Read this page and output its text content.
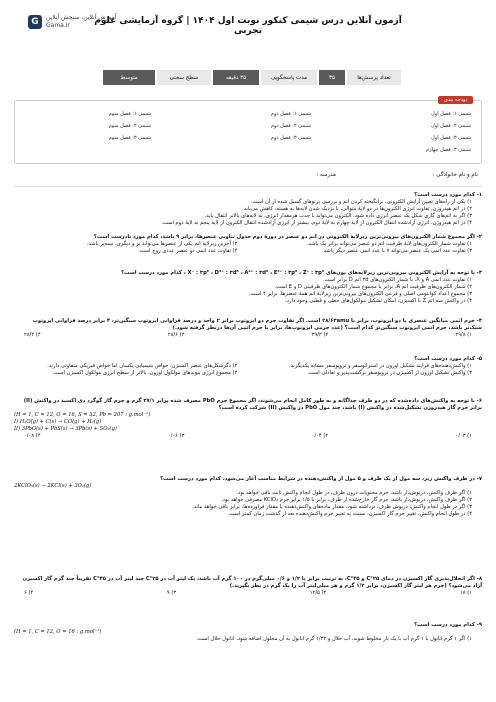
G	آموزش آنلاین، سنجش آنلاین
Gama.ir	آزمون آنلاین درس شیمی کنکور نوبت اول ۱۴۰۴ | گروه آزمایشی علوم تجربی
تعداد پرسش‌ها
۳۵
مدت پاسخگویی
۳۵ دقیقه
سطح سختی
متوسط
بودجه بندی
شیمی ۱: فصل اول
شیمی ۱: فصل دوم
شیمی ۱: فصل سوم
شیمی ۲: فصل اول
شیمی ۲: فصل دوم
شیمی ۲: فصل سوم
شیمی ۳: فصل اول
شیمی ۳: فصل دوم
شیمی ۳: فصل سوم
شیمی ۳: فصل چهارم
نام و نام خانوادگی :
مدرسه :
۱- کدام مورد درست است؟
۱) یکی از راه‌های تعیین آرایش الکترونی، برانگیخته کردن اتم و بررسی پرتوهای گسیل شده از آن است.
۲) در اتم هیدروژن، تفاوت انرژی الکترون‌ها در دو لایهٔ متوالی، با نزدیک شدن لایه‌ها به هسته، کاهش می‌یابد.
۳) اگر به اتم‌های گازی شکل یک عنصر انرژی داده شود، الکترون می‌تواند با جذب هرمقدار انرژی، به لایه‌های بالاتر انتقال یابد.
۴) در اتم هیدروژن، انرژی آزادشده انتقال الکترون از لایهٔ چهارم به لایهٔ دوم، بیشتر از انرژی آزادشده انتقال الکترون از لایهٔ پنجم به لایهٔ دوم است.
۲- اگر مجموع شمار الکترون‌های بیرونی‌ترین زیرلایهٔ الکترونی در اتم دو عنصر در دورهٔ دوم جدول تناوبی عنصرها، برابر ۹ باشد، کدام مورد نادرست است؟
۱) تفاوت شمار الکترون‌های لایهٔ ظرفیت اتم دو عنصر می‌تواند برابر یک باشد.
۲) آخرین زیرلایهٔ اتم یکی از عنصرها می‌تواند پر و دیگری، نیمه‌پر باشد.
۳) تفاوت عدد اتمی یک عنصر می‌تواند ۷ با عدد اتمی عنصر دیگر باشد.
۴) تفاوت عدد اتمی دو عنصر عددی زوج است.
۳- با توجه به آرایش الکترونی بیرونی‌ترین زیرلایه‌های یون‌های X⁻ : ۳p⁶ ، D³⁺ : ۳d⁵ ، A²⁺ : ۳d⁶ ، E³⁺ : ۳p⁶ ، Z⁺ : ۳p⁶ ، کدام مورد درست است؟
۱) تفاوت عدد اتمی A و X، با شمار الکترون‌های ۳d اتم D برابر است.
۲) شمار الکترون‌های ظرفیت اتم A، برابر با مجموع شمار الکترون‌های ظرفیتی D و E است.
۳) مجموع اعداد کوانتومی اصلی و فرعی الکترون‌های بیرونی‌ترین زیرلایهٔ اتم همهٔ عنصرها، برابر ۴ است.
۴) در واکنش سه اتم Z با اکسیژن، امکان تشکیل مولکول‌های خطی و قطبی وجود دارد.
۴- جرم اتمی میانگین عنصری با دو ایزوتوپ، برابر با ۲۸/۶۳amu است. اگر تفاوت جرم دو ایزوتوپ برابر ۲ واحد و درصد فراوانی ایزوتوپ سنگین‌تر، ۴ برابر درصد فراوانی ایزوتوپ سبک‌تر باشد، جرم اتمی ایزوتوپ سنگین‌تر کدام است؟ (عدد جرمی ایزوتوپ‌ها، برابر با جرم اتمی آن‌ها درنظر گرفته شود.)
۱) ۲۹/۸
۲) ۲۹/۳
۳) ۲۸/۶
۴) ۲۸/۲
۵- کدام مورد درست است؟
۱) واکنش‌دهنده‌های فرایند تشکیل اوزون در استراتوسفر و تروپوسفر مشابه یکدیگرند.
۲) دگرشکل‌های عنصر اکسیژن، خواص شیمیایی یکسان اما خواص فیزیکی متفاوتی دارند.
۳) واکنش تشکیل اوزون از اکسیژن در تروپوسفر برگشت‌پذیر و تعادلی است.
۴) مجموع انرژی پیوندهای مولکول اوزون، بالاتر از سطح انرژی مولکول اکسیژن است.
۶- با توجه به واکنش‌های داده‌شده که در دو ظرف جداگانه و به طور کامل انجام می‌شوند، اگر مجموع جرم PbO مصرف شده برابر ۲۷/۱ گرم و جرم گاز گوگرد دی اکسید در واکنش (II) برابر جرم گاز هیدروژن تشکیل‌شده در واکنش (I) باشد، چند مول PbO در واکنش (II) شرکت کرده است؟
(H = 1, C = 12, O = 16, S = 32, Pb = 207 : g.mol⁻¹)
I) H₂O(g) + C(s) → CO(g) + H₂(g)
II) 3PbO(s) + PbS(s) → 3Pb(s) + SO₂(g)
۱) ۰/۰۳
۲) ۰/۰۴
۳) ۰/۰۶
۴) ۰/۰۸
۷- در ظرف واکنش زیر، سه مول از یک طرف و ۵ مول از واکنش‌دهنده در شرایط مناسب آغاز می‌شود، کدام مورد درست است؟
2KClO₃(s) → 2KCl(s) + 3O₂(g)
۱) اگر ظرف واکنش، درپوش‌دار باشد، جرم محتویات درون ظرف، در طول انجام واکنش ثابت باقی خواهد بود.
۲) اگر ظرف واکنش، درپوش‌دار باشد، جرم گاز خارج‌شده از ظرف، برابر با ۱/۵ برابر جرم KClO₃ مصرفی خواهد بود.
۳) اگر در طول انجام واکنش، درپوش ظرف، برداشته شود، مقدار ماده‌های واکنش‌دهنده با مقدار فراورده‌ها، برابر باقی خواهد ماند.
۴) در طول انجام واکنش، تغییر جرم گاز اکسیژن، نسبت به تغییر جرم واکنش‌دهنده بعد از گذشت زمان کمتر است.
۸- اگر انحلال‌پذیری گاز اکسیژن در دمای ۲۵°C و ۴۵°C، به ترتیب برابر با ۱/۲ و ۰/۶ میلی‌گرم در ۱۰۰ گرم آب باشد، یک لیتر آب در ۲۵°C چند لیتر آب در ۴۵°C تقریباً چند گرم گاز اکسیژن آزاد می‌شود؟ (جرم هر لیتر گاز اکسیژن، برابر ۱/۲ گرم و هر میلی‌لیتر آب را یک گرم در نظر بگیرید.)
۱) ۱۸
۲) ۱۲/۵
۳) ۹
۴) ۶
۹- کدام مورد درست است؟
(H = 1, C = 12, O = 16 : g.mol⁻¹)
۱) اگر ۱ گرم اتانول با ۱ گرم آب با یک بار مخلوط شوند، آب حلال و ۱/۳۲ گرم اتانول به آن محلول اضافه شود، اتانول حلال است.
